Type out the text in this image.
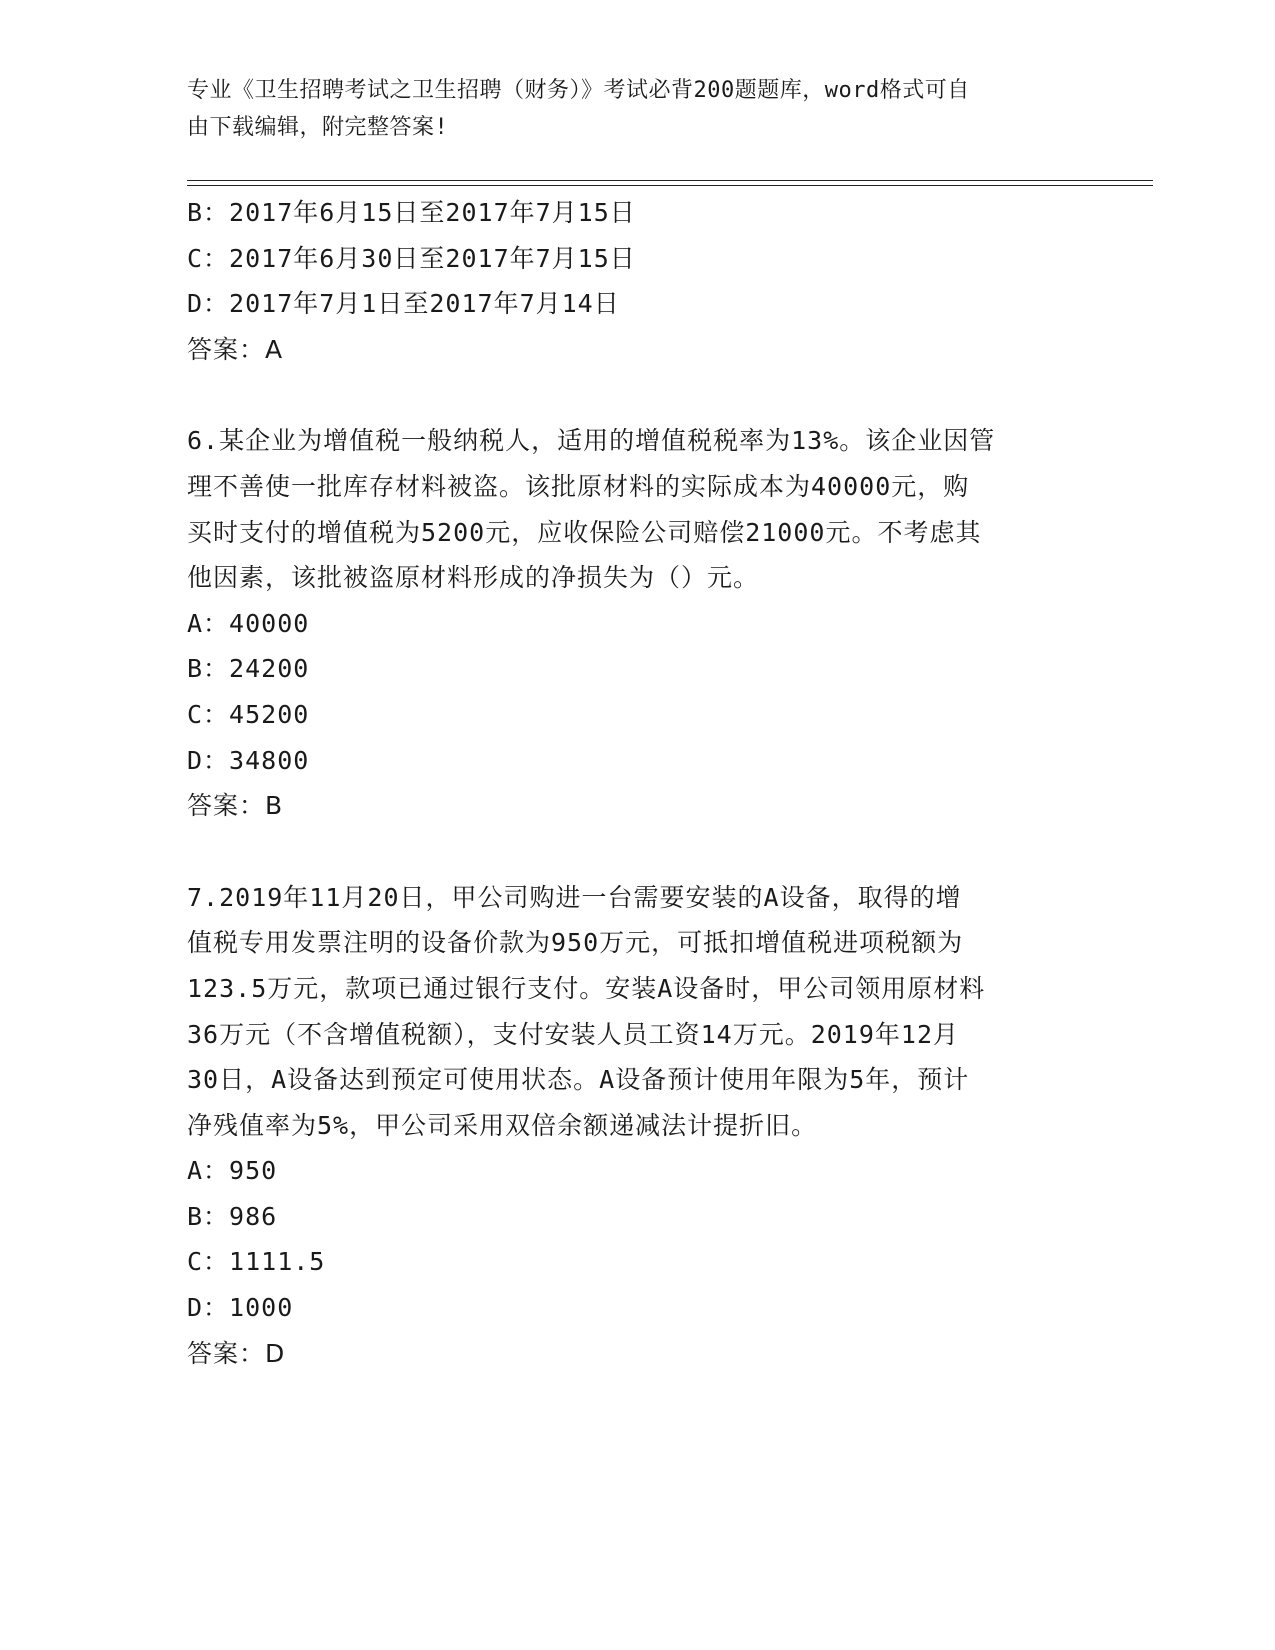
专业《卫生招聘考试之卫生招聘（财务）》考试必背200题题库，word格式可自
由下载编辑，附完整答案!
B：2017年6月15日至2017年7月15日
C：2017年6月30日至2017年7月15日
D：2017年7月1日至2017年7月14日
答案：A
6.某企业为增值税一般纳税人，适用的增值税税率为13%。该企业因管
理不善使一批库存材料被盗。该批原材料的实际成本为40000元，购
买时支付的增值税为5200元，应收保险公司赔偿21000元。不考虑其
他因素，该批被盗原材料形成的净损失为（）元。
A：40000
B：24200
C：45200
D：34800
答案：B
7.2019年11月20日，甲公司购进一台需要安装的A设备，取得的增
值税专用发票注明的设备价款为950万元，可抵扣增值税进项税额为
123.5万元，款项已通过银行支付。安装A设备时，甲公司领用原材料
36万元（不含增值税额），支付安装人员工资14万元。2019年12月
30日，A设备达到预定可使用状态。A设备预计使用年限为5年，预计
净残值率为5%，甲公司采用双倍余额递减法计提折旧。
A：950
B：986
C：1111.5
D：1000
答案：D
